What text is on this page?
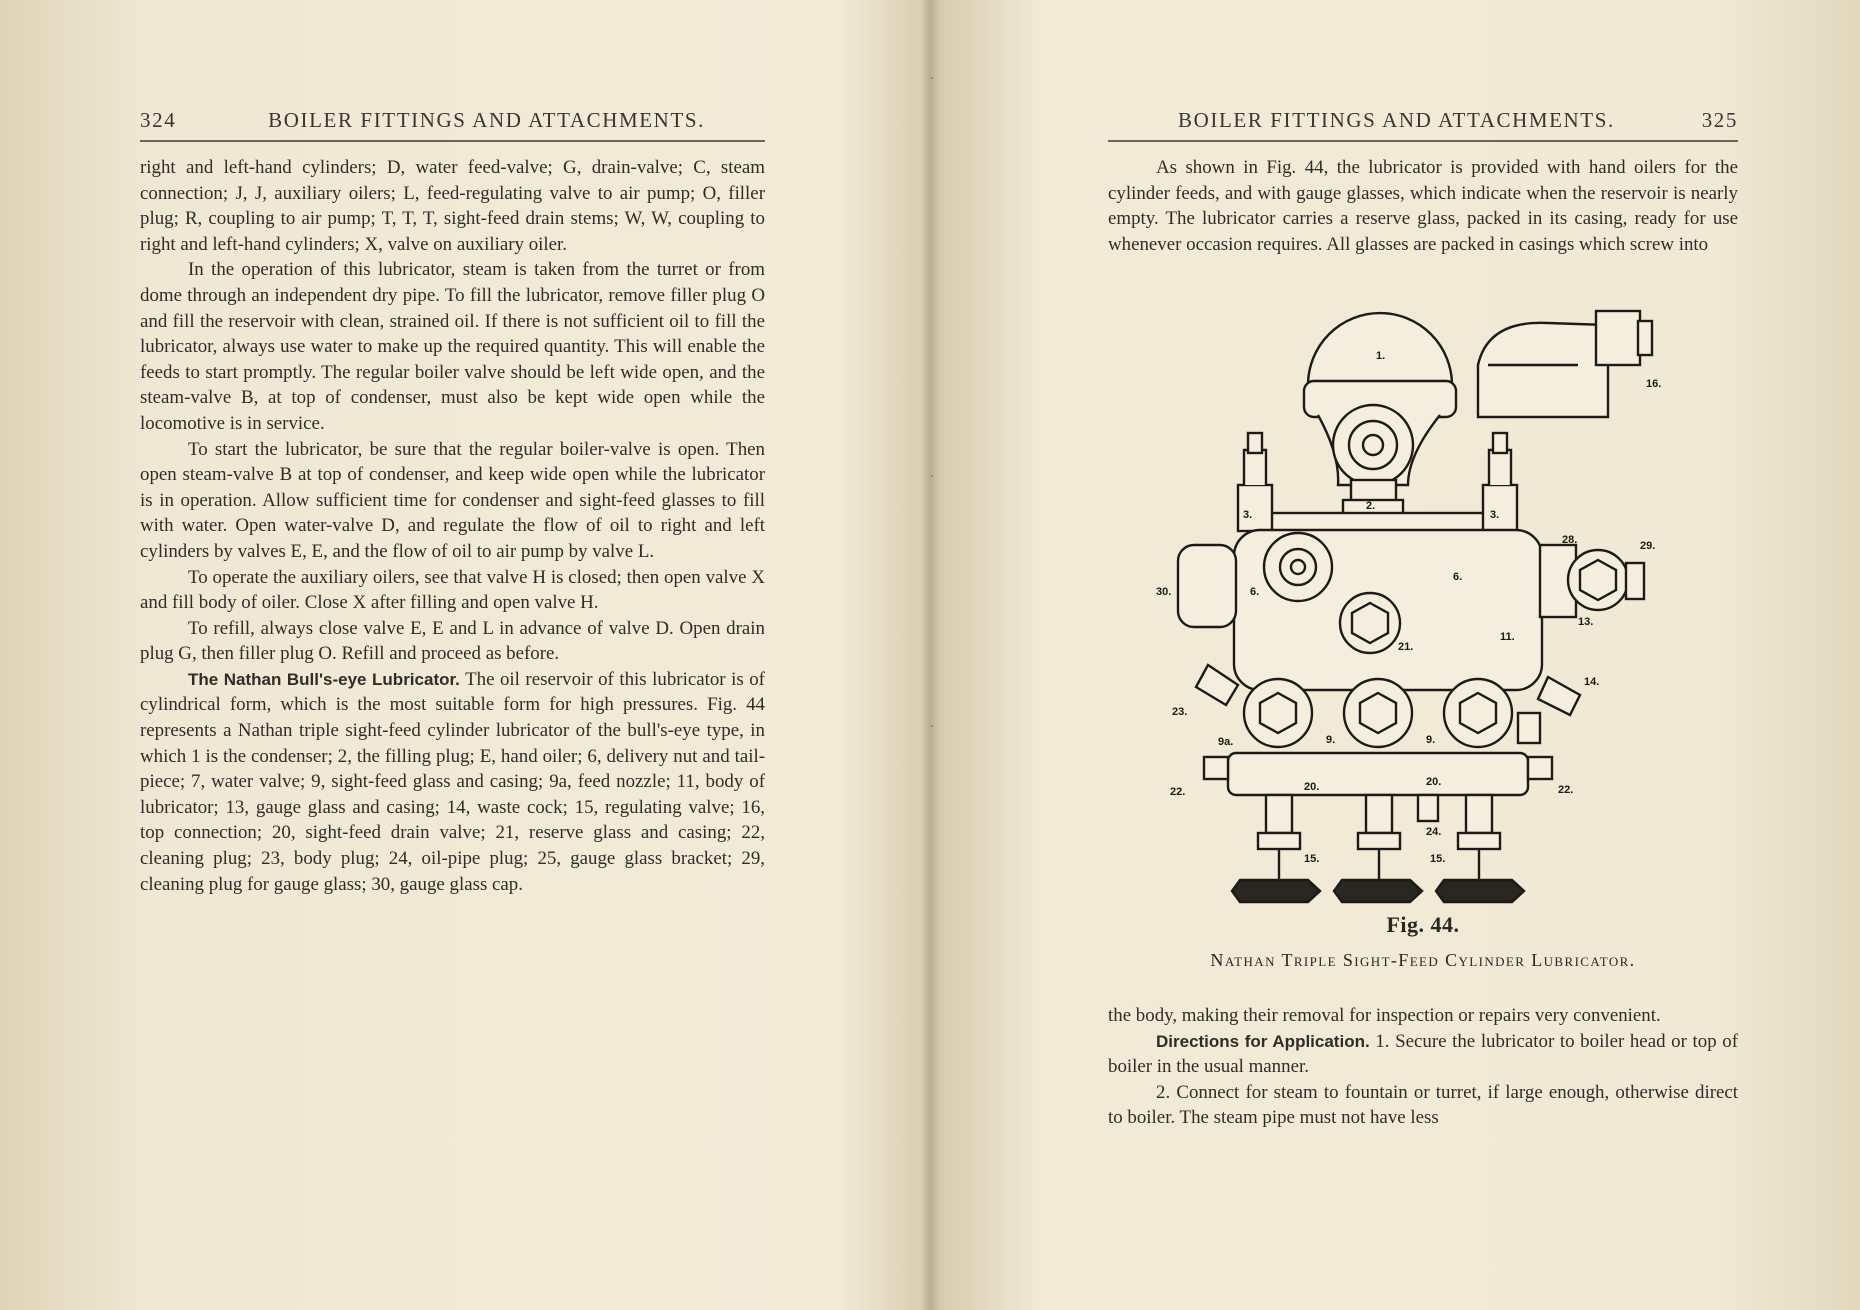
324	BOILER FITTINGS AND ATTACHMENTS.

right and left-hand cylinders; D, water feed-valve; G, drain-valve; C, steam connection; J, J, auxiliary oilers; L, feed-regulating valve to air pump; O, filler plug; R, coupling to air pump; T, T, T, sight-feed drain stems; W, W, coupling to right and left-hand cylinders; X, valve on auxiliary oiler.

In the operation of this lubricator, steam is taken from the turret or from dome through an independent dry pipe. To fill the lubricator, remove filler plug O and fill the reservoir with clean, strained oil. If there is not sufficient oil to fill the lubricator, always use water to make up the required quantity. This will enable the feeds to start promptly. The regular boiler valve should be left wide open, and the steam-valve B, at top of condenser, must also be kept wide open while the locomotive is in service.

To start the lubricator, be sure that the regular boiler-valve is open. Then open steam-valve B at top of condenser, and keep wide open while the lubricator is in operation. Allow sufficient time for condenser and sight-feed glasses to fill with water. Open water-valve D, and regulate the flow of oil to right and left cylinders by valves E, E, and the flow of oil to air pump by valve L.

To operate the auxiliary oilers, see that valve H is closed; then open valve X and fill body of oiler. Close X after filling and open valve H.

To refill, always close valve E, E and L in advance of valve D. Open drain plug G, then filler plug O. Refill and proceed as before.

The Nathan Bull's-eye Lubricator. The oil reservoir of this lubricator is of cylindrical form, which is the most suitable form for high pressures. Fig. 44 represents a Nathan triple sight-feed cylinder lubricator of the bull's-eye type, in which 1 is the condenser; 2, the filling plug; E, hand oiler; 6, delivery nut and tail-piece; 7, water valve; 9, sight-feed glass and casing; 9a, feed nozzle; 11, body of lubricator; 13, gauge glass and casing; 14, waste cock; 15, regulating valve; 16, top connection; 20, sight-feed drain valve; 21, reserve glass and casing; 22, cleaning plug; 23, body plug; 24, oil-pipe plug; 25, gauge glass bracket; 29, cleaning plug for gauge glass; 30, gauge glass cap.

·
·
·
BOILER FITTINGS AND ATTACHMENTS.	325

As shown in Fig. 44, the lubricator is provided with hand oilers for the cylinder feeds, and with gauge glasses, which indicate when the reservoir is nearly empty. The lubricator carries a reserve glass, packed in its casing, ready for use whenever occasion requires. All glasses are packed in casings which screw into

1.
16.
2.
3.	3.
28.	29.
30.	6.
6.
21.
11.
13.
14.
23.
9a.	9.	9.
22.	20.	20.
22.
24.
15.	15.
Fig. 44.
Nathan Triple Sight-Feed Cylinder Lubricator.

the body, making their removal for inspection or repairs very convenient.

Directions for Application. 1. Secure the lubricator to boiler head or top of boiler in the usual manner.

2. Connect for steam to fountain or turret, if large enough, otherwise direct to boiler. The steam pipe must not have less
